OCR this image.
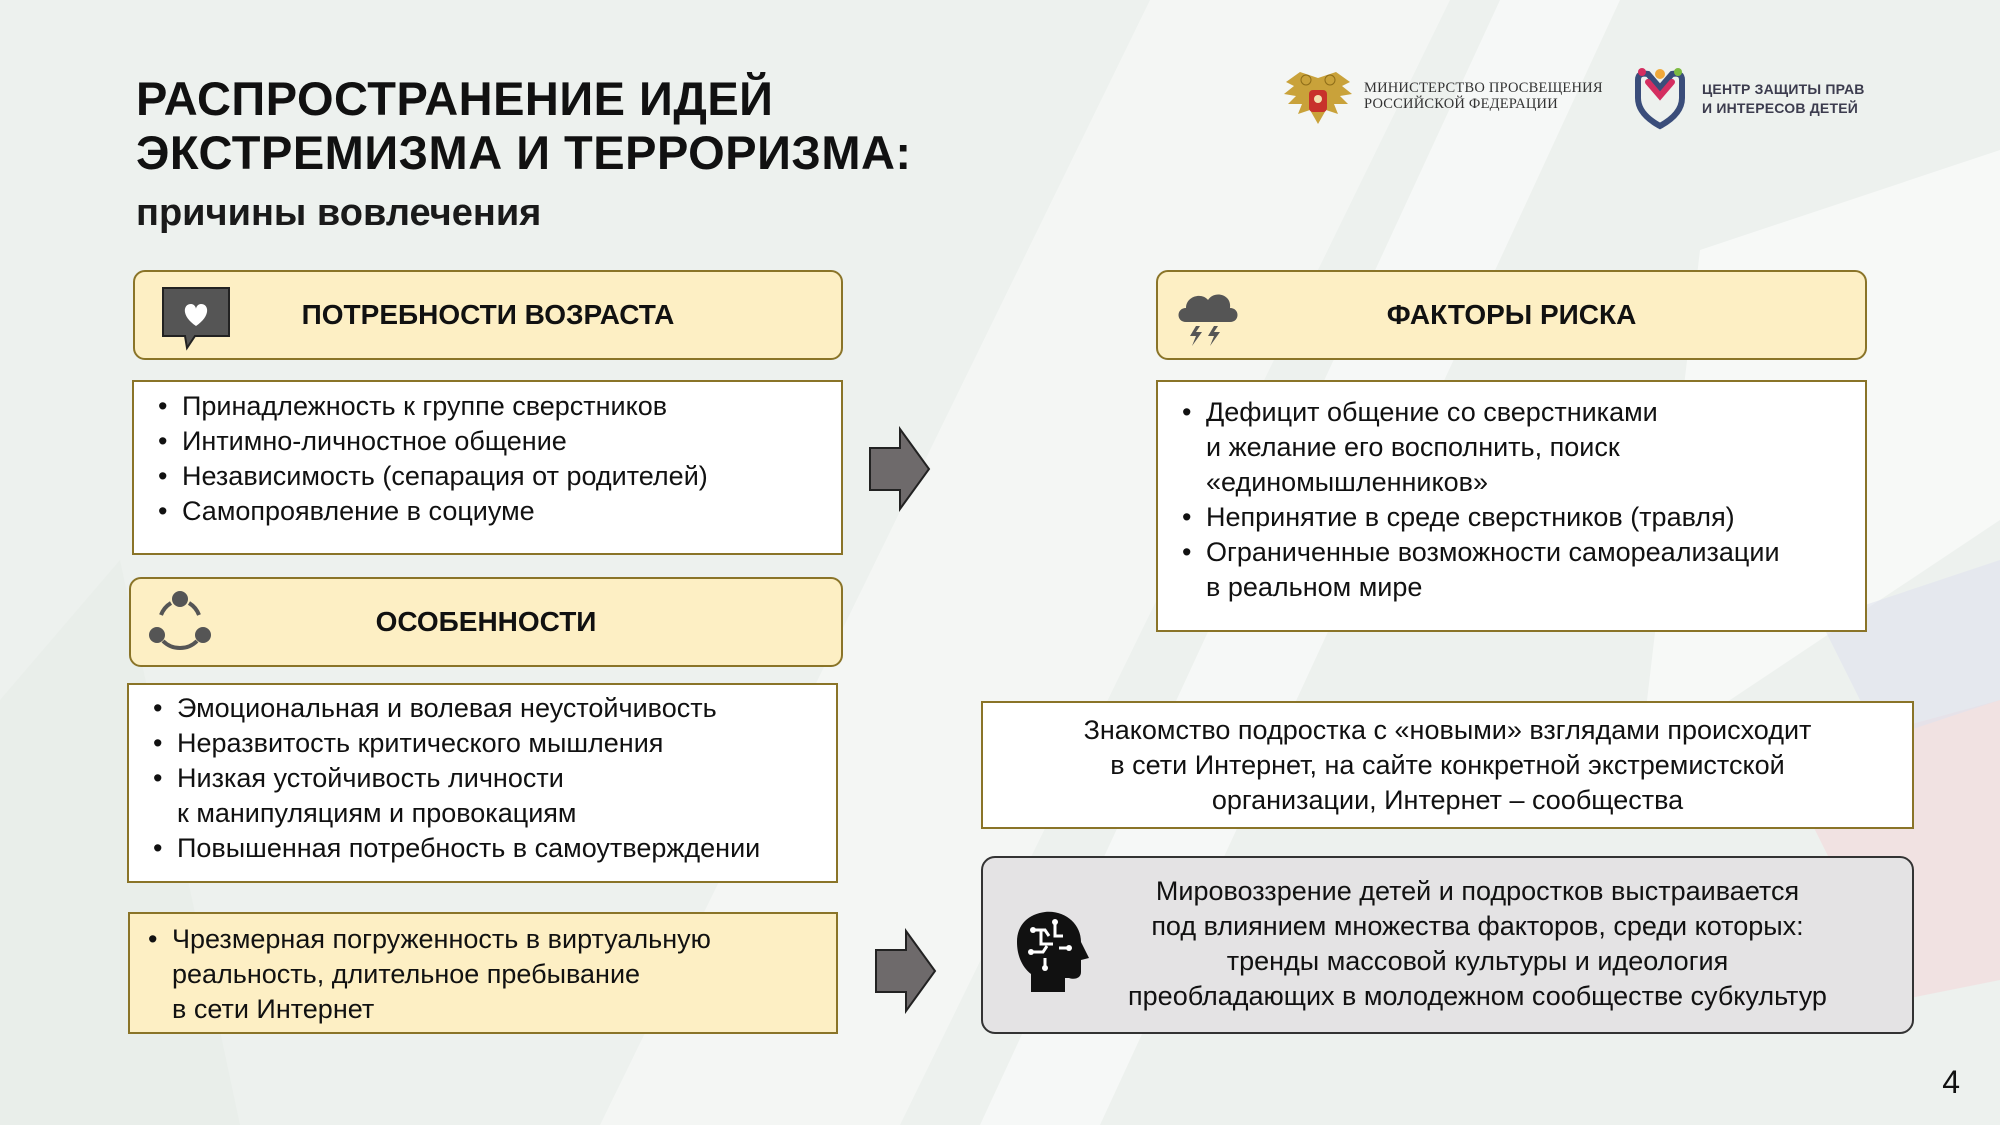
РАСПРОСТРАНЕНИЕ ИДЕЙ
ЭКСТРЕМИЗМА И ТЕРРОРИЗМА:
причины вовлечения
МИНИСТЕРСТВО ПРОСВЕЩЕНИЯ
РОССИЙСКОЙ ФЕДЕРАЦИИ
ЦЕНТР ЗАЩИТЫ ПРАВ
И ИНТЕРЕСОВ ДЕТЕЙ
ПОТРЕБНОСТИ ВОЗРАСТА
• Принадлежность к группе сверстников
• Интимно-личностное общение
• Независимость (сепарация от родителей)
• Самопроявление в социуме
ОСОБЕННОСТИ
• Эмоциональная и волевая неустойчивость
• Неразвитость критического мышления
• Низкая устойчивость личности
к манипуляциям и провокациям
• Повышенная потребность в самоутверждении
• Чрезмерная погруженность в виртуальную
реальность, длительное пребывание
в сети Интернет
ФАКТОРЫ РИСКА
• Дефицит общение со сверстниками
и желание его восполнить, поиск
«единомышленников»
• Непринятие в среде сверстников (травля)
• Ограниченные возможности самореализации
в реальном мире
Знакомство подростка с «новыми» взглядами происходит
в сети Интернет, на сайте конкретной экстремистской
организации, Интернет – сообщества
Мировоззрение детей и подростков выстраивается
под влиянием множества факторов, среди которых:
тренды массовой культуры и идеология
преобладающих в молодежном сообществе субкультур
4
